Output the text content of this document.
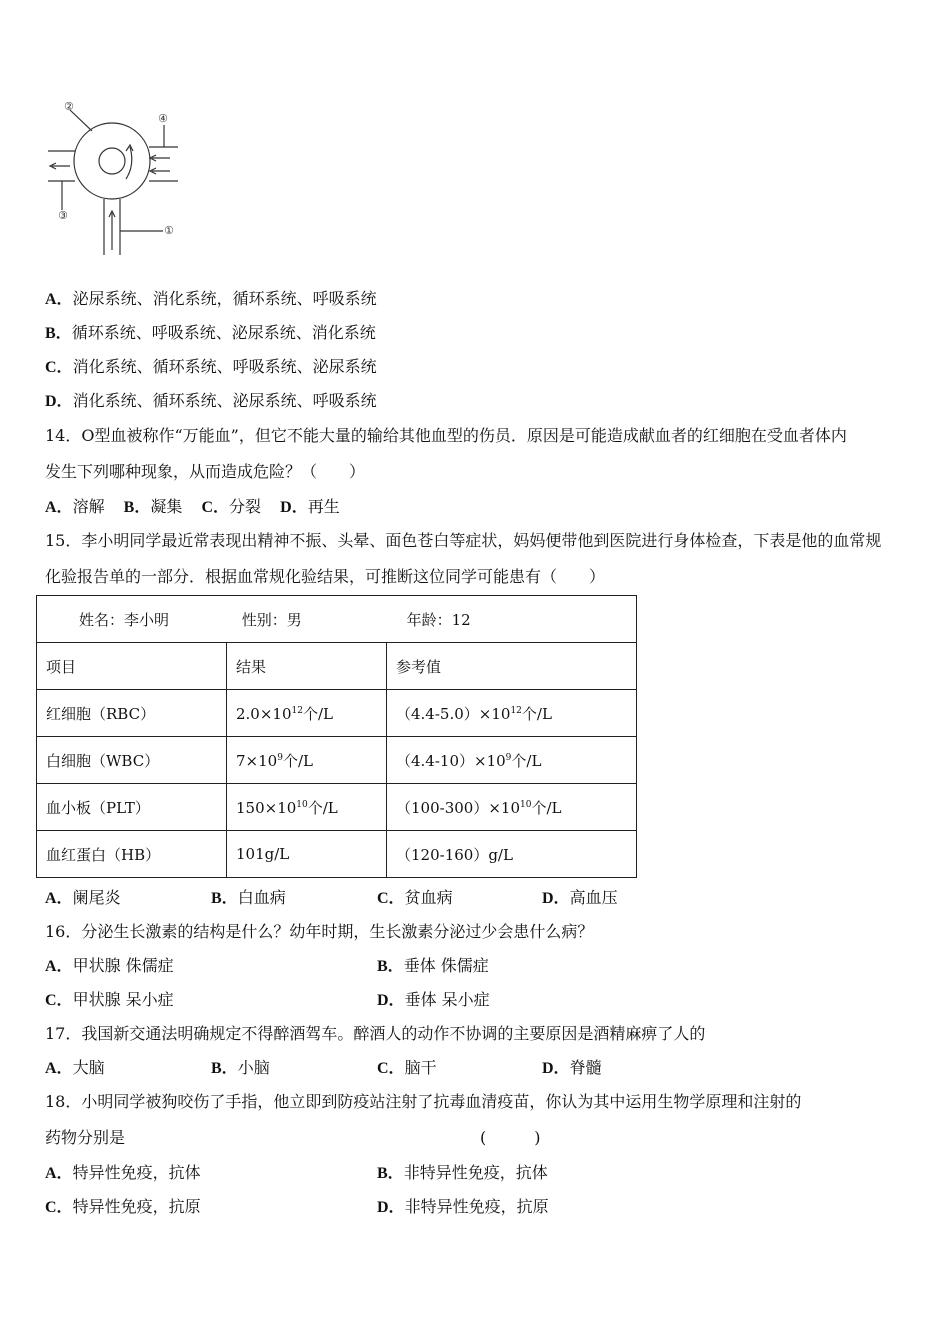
②
④
③
①
A．泌尿系统、消化系统，循环系统、呼吸系统
B．循环系统、呼吸系统、泌尿系统、消化系统
C．消化系统、循环系统、呼吸系统、泌尿系统
D．消化系统、循环系统、泌尿系统、呼吸系统
14．O型血被称作“万能血”，但它不能大量的输给其他血型的伤员．原因是可能造成献血者的红细胞在受血者体内
发生下列哪种现象，从而造成危险？（　　）
A．溶解 B．凝集 C．分裂 D．再生
15．李小明同学最近常表现出精神不振、头晕、面色苍白等症状，妈妈便带他到医院进行身体检查，下表是他的血常规
化验报告单的一部分．根据血常规化验结果，可推断这位同学可能患有（　　）
姓名：李小明 性别：男 年龄：12		
项目	结果	参考值
红细胞（RBC）	$2.0\times 10^{12}$个/L	$(4.4-5.0)\times 10^{12}$个/L
白细胞（WBC）	$7\times 10^9$个/L	$(4.4-10)\times 10^9$个/L
血小板（PLT）	$150\times 10^{10}$个/L	$(100-300)\times 10^{10}$个/L
血红蛋白（HB）	101g/L	（120-160）g/L
A．阑尾炎	B．白血病	C．贫血病	D．高血压
16．分泌生长激素的结构是什么？幼年时期，生长激素分泌过少会患什么病？
A．甲状腺 侏儒症	B．垂体 侏儒症
C．甲状腺 呆小症	D．垂体 呆小症
17．我国新交通法明确规定不得醉酒驾车。醉酒人的动作不协调的主要原因是酒精麻痹了人的
A．大脑	B．小脑	C．脑干	D．脊髓
18．小明同学被狗咬伤了手指，他立即到防疫站注射了抗毒血清疫苗，你认为其中运用生物学原理和注射的
药物分别是	(　　　)
A．特异性免疫，抗体	B．非特异性免疫，抗体
C．特异性免疫，抗原	D．非特异性免疫，抗原
